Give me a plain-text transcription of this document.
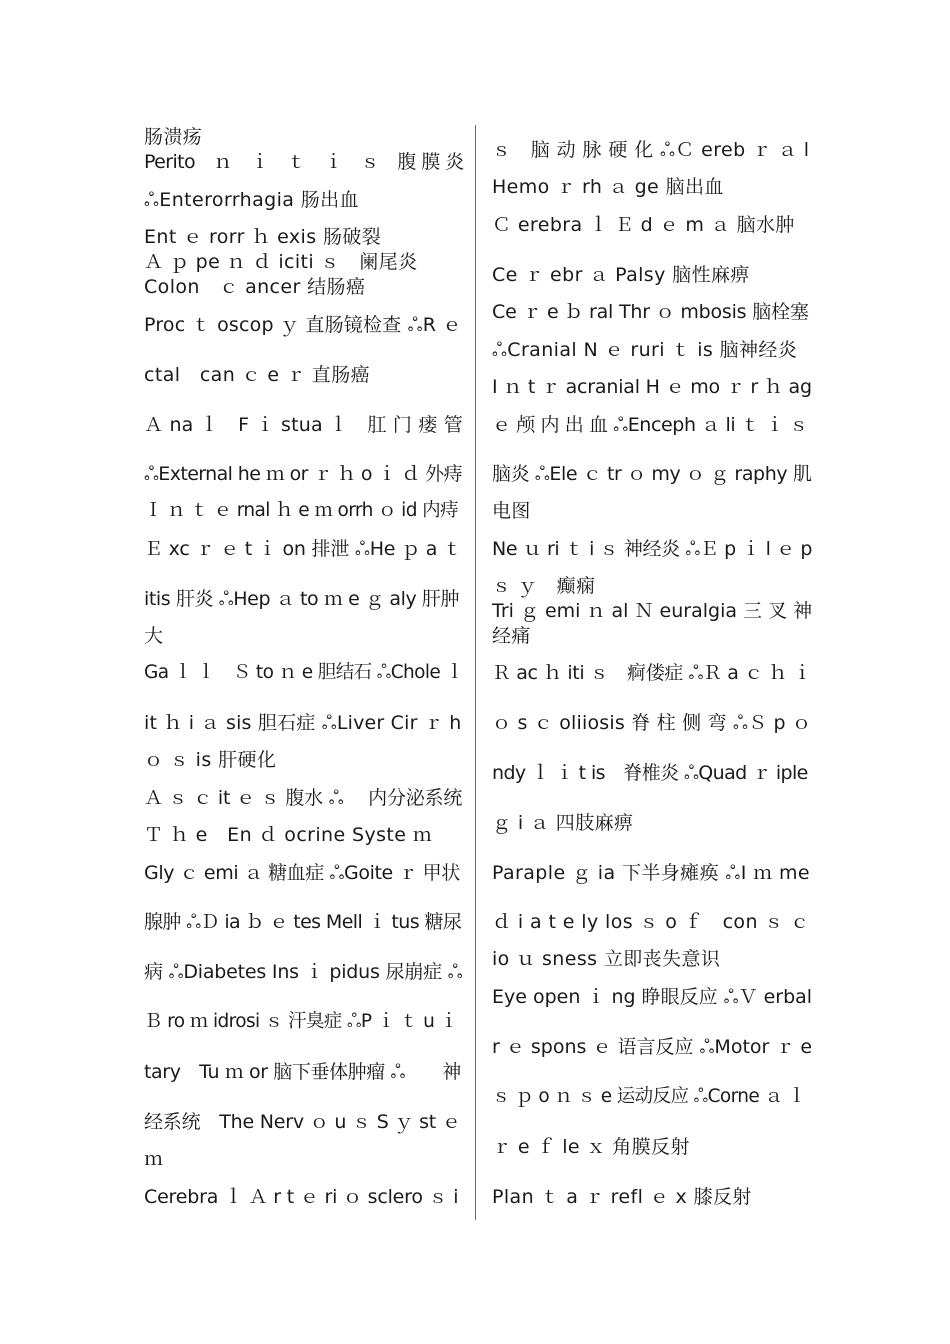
肠溃疡
Perito　ｎ　ｉ　ｔ　ｉ　ｓ　腹 膜 炎
ஃEnterorrhagia 肠出血
Ent ｅ rorr ｈ exis 肠破裂
Ａ ｐ pe ｎ ｄ iciti ｓ　阑尾炎
Colon　ｃ ancer 结肠癌
Proc ｔ oscop ｙ 直肠镜检查 ஃR ｅ
ctal　can ｃ e ｒ 直肠癌
Ａ na ｌ　F ｉ stua ｌ　肛 门 瘘 管
ஃExternal he ｍ or ｒ ｈ o ｉ ｄ 外痔
Ｉ ｎ ｔ ｅ rnal ｈ e ｍ orrh ｏ id 内痔
Ｅ xc ｒ ｅ t ｉ on 排泄 ஃHe ｐ a ｔ
itis 肝炎 ஃHep ａ to ｍ e ｇ aly 肝肿
大
Ga ｌ ｌ　Ｓ to ｎ e 胆结石 ஃChole ｌ
it ｈ i ａ sis 胆石症 ஃLiver Cir ｒ h
ｏ ｓ is 肝硬化
Ａ ｓ ｃ it ｅ ｓ 腹水 ஃ　 内分泌系统
Ｔ ｈ e　En ｄ ocrine Syste ｍ
Gly ｃ emi ａ 糖血症 ஃGoite ｒ 甲状
腺肿 ஃＤ ia ｂ ｅ tes Mell ｉ tus 糖尿
病 ஃDiabetes Ins ｉ pidus 尿崩症 ஃ
Ｂ ro ｍ idrosi ｓ 汗臭症 ஃP ｉ ｔ u ｉ
tary　Tu ｍ or 脑下垂体肿瘤 ஃ　　神
经系统　The Nerv ｏ u ｓ S ｙ st ｅ
ｍ
Cerebra ｌ Ａ r t ｅ ri ｏ sclero ｓ i
ｓ　脑 动 脉 硬 化 ஃＣ ereb ｒ ａ l
Hemo ｒ rh ａ ge 脑出血
Ｃ erebra ｌ Ｅ d ｅ m ａ 脑水肿
Ce ｒ ebr ａ Palsy 脑性麻痹
Ce ｒ e ｂ ral Thr ｏ mbosis 脑栓塞
ஃCranial N ｅ ruri ｔ is 脑神经炎
I ｎ t ｒ acranial H ｅ mo ｒ r ｈ ag
ｅ 颅 内 出 血 ஃEnceph ａ li ｔ ｉ ｓ
脑炎 ஃEle ｃ tr ｏ my ｏ ｇ raphy 肌
电图
Ne ｕ ri ｔ i ｓ 神经炎 ஃＥ p ｉ l ｅ p
ｓ ｙ　癫痫
Tri ｇ emi ｎ al Ｎ euralgia 三 叉 神
经痛
Ｒ ac ｈ iti ｓ　痾偻症 ஃＲ a ｃ ｈ ｉ
ｏ s ｃ oliiosis 脊 柱 侧 弯 ஃＳ p ｏ
ndy ｌ ｉ t is　脊椎炎 ஃQuad ｒ iple
ｇ i ａ 四肢麻痹
Paraple ｇ ia 下半身瘫痪 ஃI ｍ me
ｄ i a t e ly los ｓ o ｆ　con ｓ ｃ
io ｕ sness 立即丧失意识
Eye open ｉ ng 睁眼反应 ஃＶ erbal
r ｅ spons ｅ 语言反应 ஃMotor ｒ e
ｓ ｐ o ｎ ｓ e 运动反应 ஃCorne ａ ｌ
ｒ e ｆ le ｘ 角膜反射
Plan ｔ a ｒ refl ｅ x 膝反射
